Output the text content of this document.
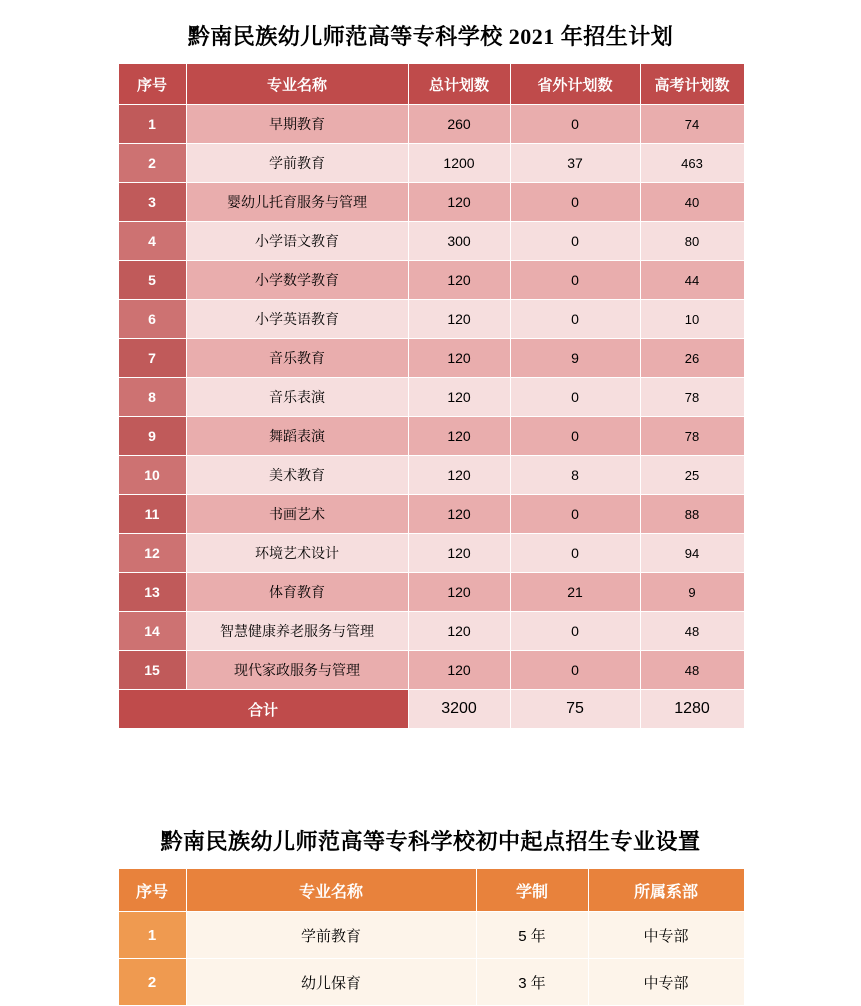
黔南民族幼儿师范高等专科学校 2021 年招生计划
序号	专业名称	总计划数	省外计划数	高考计划数
1	早期教育	260	0	74
2	学前教育	1200	37	463
3	婴幼儿托育服务与管理	120	0	40
4	小学语文教育	300	0	80
5	小学数学教育	120	0	44
6	小学英语教育	120	0	10
7	音乐教育	120	9	26
8	音乐表演	120	0	78
9	舞蹈表演	120	0	78
10	美术教育	120	8	25
11	书画艺术	120	0	88
12	环境艺术设计	120	0	94
13	体育教育	120	21	9
14	智慧健康养老服务与管理	120	0	48
15	现代家政服务与管理	120	0	48
合计		3200	75	1280
黔南民族幼儿师范高等专科学校初中起点招生专业设置
序号	专业名称	学制	所属系部
1	学前教育	5 年	中专部
2	幼儿保育	3 年	中专部
